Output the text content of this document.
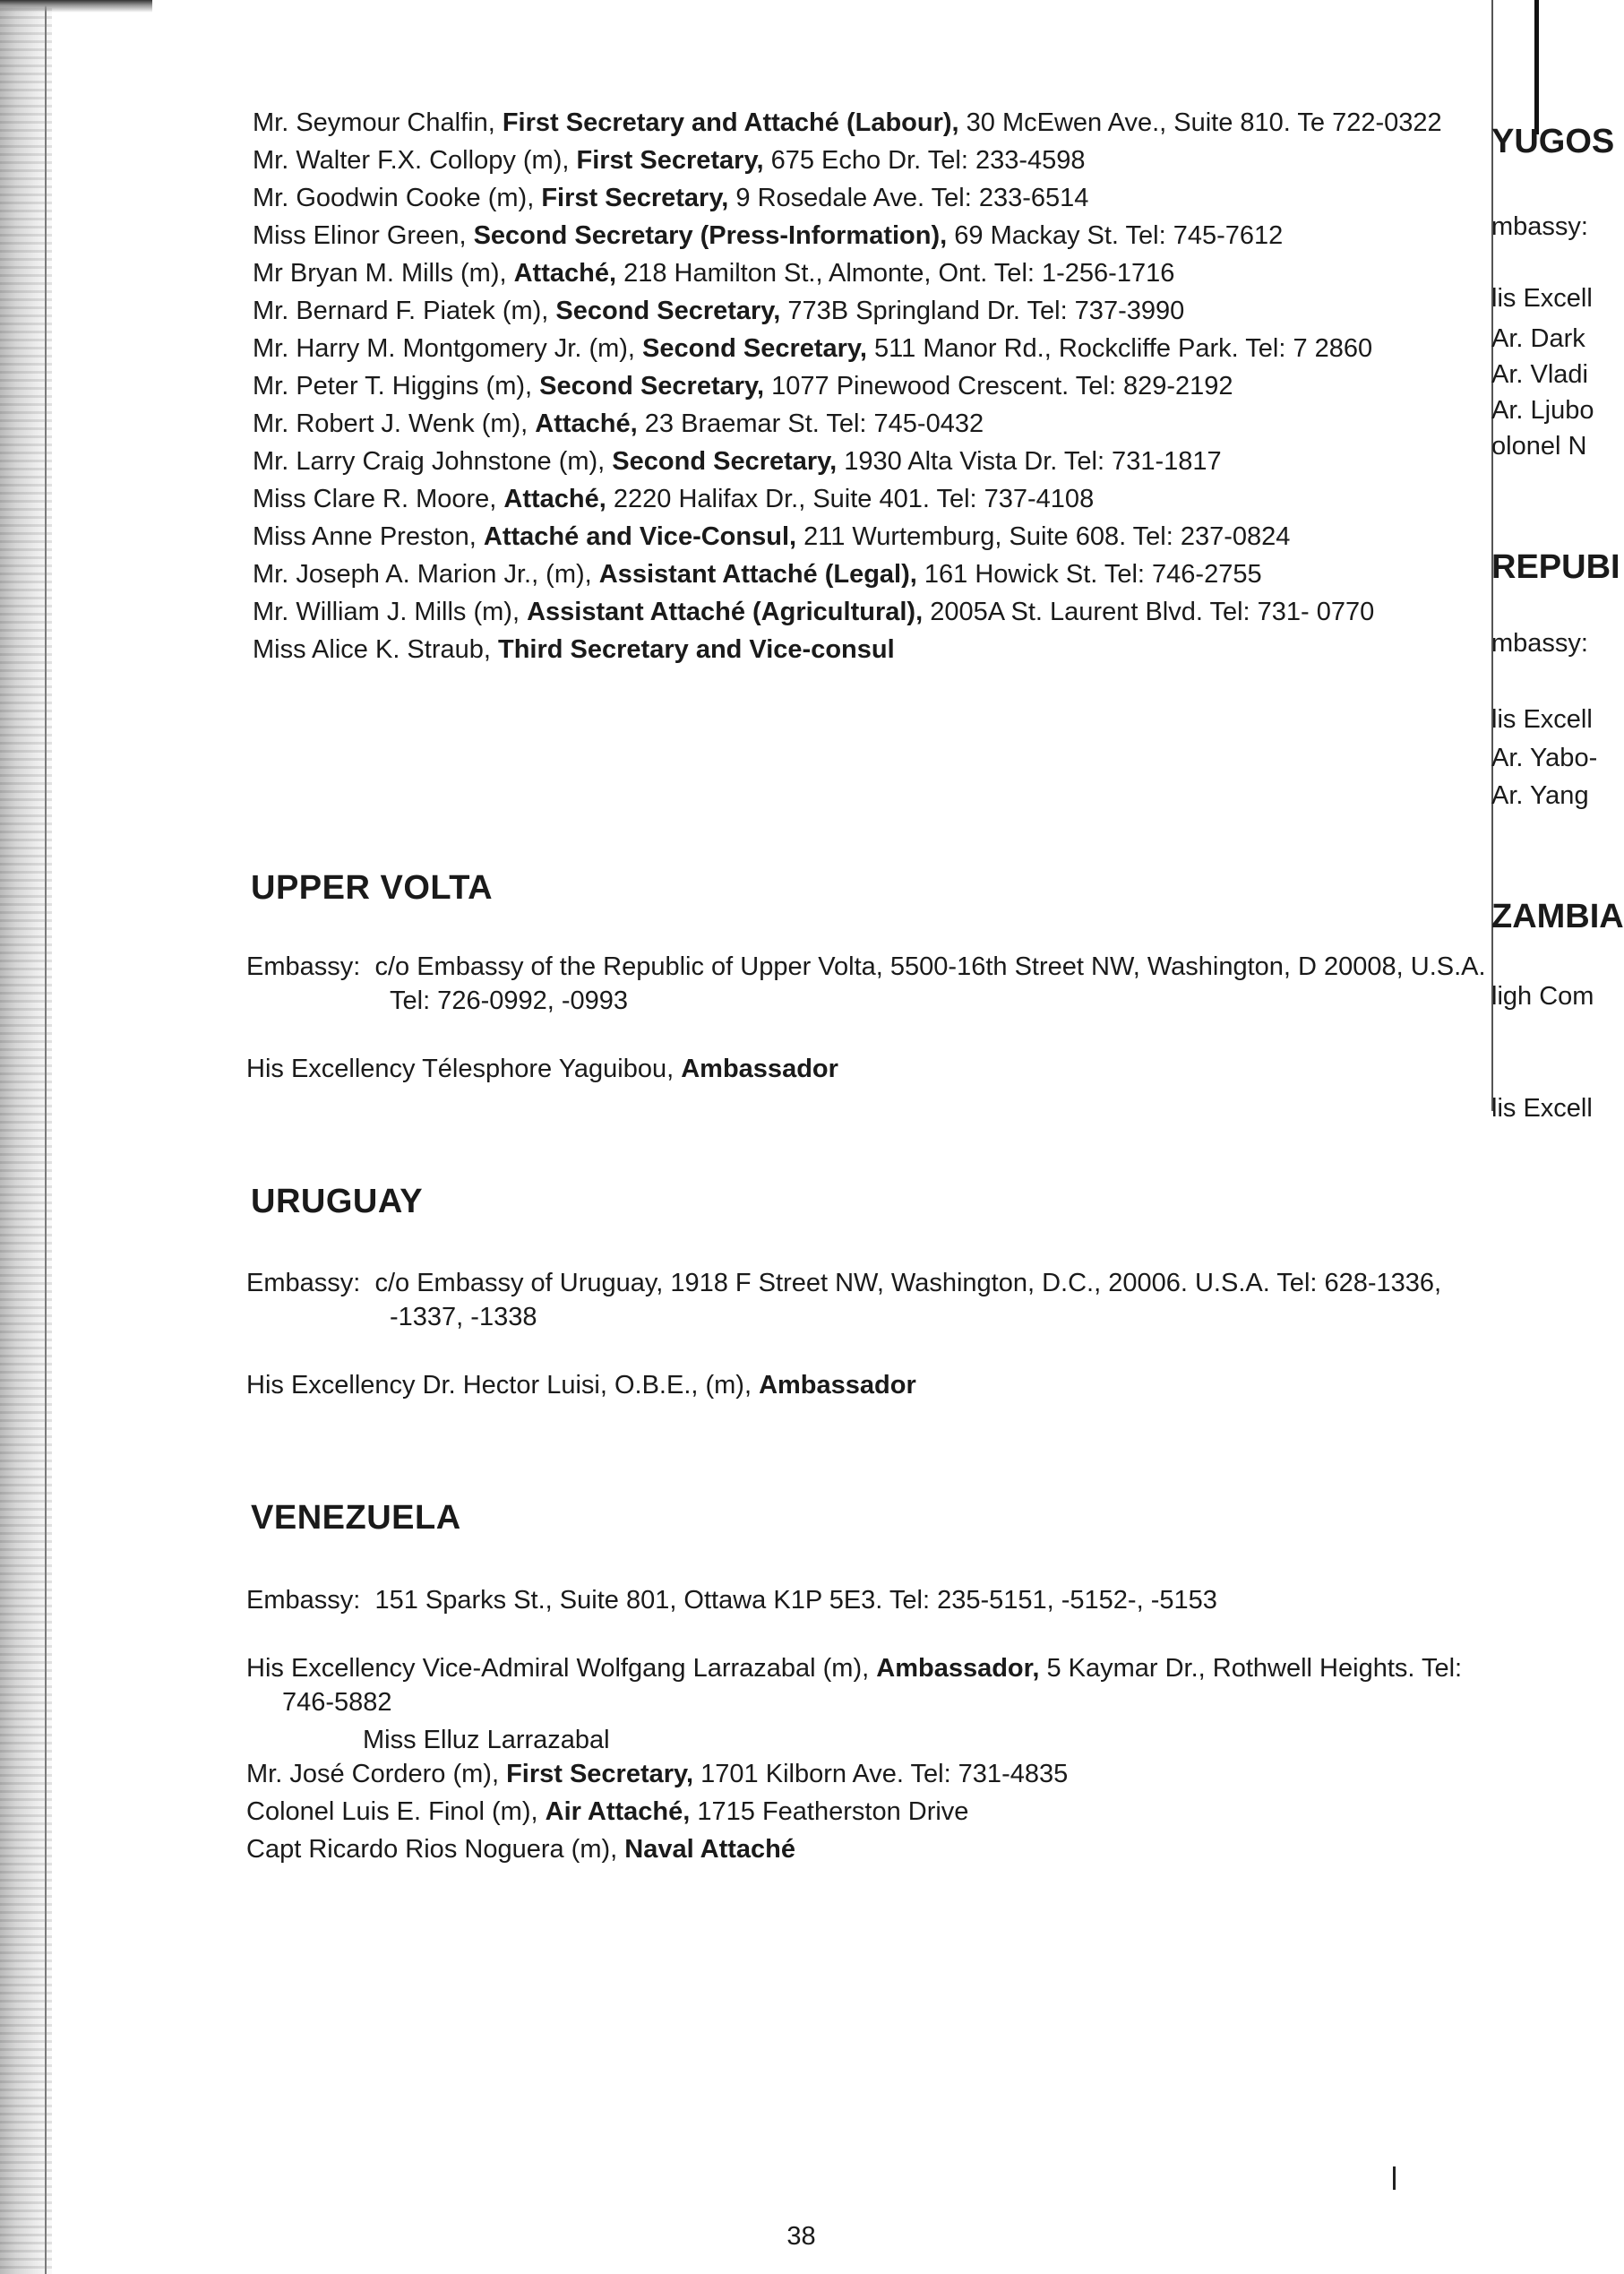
Mr. Seymour Chalfin, First Secretary and Attaché (Labour), 30 McEwen Ave., Suite 810. Te 722-0322
Mr. Walter F.X. Collopy (m), First Secretary, 675 Echo Dr. Tel: 233-4598
Mr. Goodwin Cooke (m), First Secretary, 9 Rosedale Ave. Tel: 233-6514
Miss Elinor Green, Second Secretary (Press-Information), 69 Mackay St. Tel: 745-7612
Mr Bryan M. Mills (m), Attaché, 218 Hamilton St., Almonte, Ont. Tel: 1-256-1716
Mr. Bernard F. Piatek (m), Second Secretary, 773B Springland Dr. Tel: 737-3990
Mr. Harry M. Montgomery Jr. (m), Second Secretary, 511 Manor Rd., Rockcliffe Park. Tel: 7 2860
Mr. Peter T. Higgins (m), Second Secretary, 1077 Pinewood Crescent. Tel: 829-2192
Mr. Robert J. Wenk (m), Attaché, 23 Braemar St. Tel: 745-0432
Mr. Larry Craig Johnstone (m), Second Secretary, 1930 Alta Vista Dr. Tel: 731-1817
Miss Clare R. Moore, Attaché, 2220 Halifax Dr., Suite 401. Tel: 737-4108
Miss Anne Preston, Attaché and Vice-Consul, 211 Wurtemburg, Suite 608. Tel: 237-0824
Mr. Joseph A. Marion Jr., (m), Assistant Attaché (Legal), 161 Howick St. Tel: 746-2755
Mr. William J. Mills (m), Assistant Attaché (Agricultural), 2005A St. Laurent Blvd. Tel: 731- 0770
Miss Alice K. Straub, Third Secretary and Vice-consul
UPPER VOLTA
Embassy: c/o Embassy of the Republic of Upper Volta, 5500-16th Street NW, Washington, D 20008, U.S.A. Tel: 726-0992, -0993
His Excellency Télesphore Yaguibou, Ambassador
URUGUAY
Embassy: c/o Embassy of Uruguay, 1918 F Street NW, Washington, D.C., 20006. U.S.A. Tel: 628-1336, -1337, -1338
His Excellency Dr. Hector Luisi, O.B.E., (m), Ambassador
VENEZUELA
Embassy: 151 Sparks St., Suite 801, Ottawa K1P 5E3. Tel: 235-5151, -5152-, -5153
His Excellency Vice-Admiral Wolfgang Larrazabal (m), Ambassador, 5 Kaymar Dr., Rothwell Heights. Tel: 746-5882
Miss Elluz Larrazabal
Mr. José Cordero (m), First Secretary, 1701 Kilborn Ave. Tel: 731-4835
Colonel Luis E. Finol (m), Air Attaché, 1715 Featherston Drive
Capt Ricardo Rios Noguera (m), Naval Attaché
YUGOS
mbassy:
lis Excell
Ar. Dark
Ar. Vladi
Ar. Ljubo
olonel N
REPUBI
mbassy:
lis Excell
Ar. Yabo-
Ar. Yang
ZAMBIA
ligh Com
lis Excell
38
